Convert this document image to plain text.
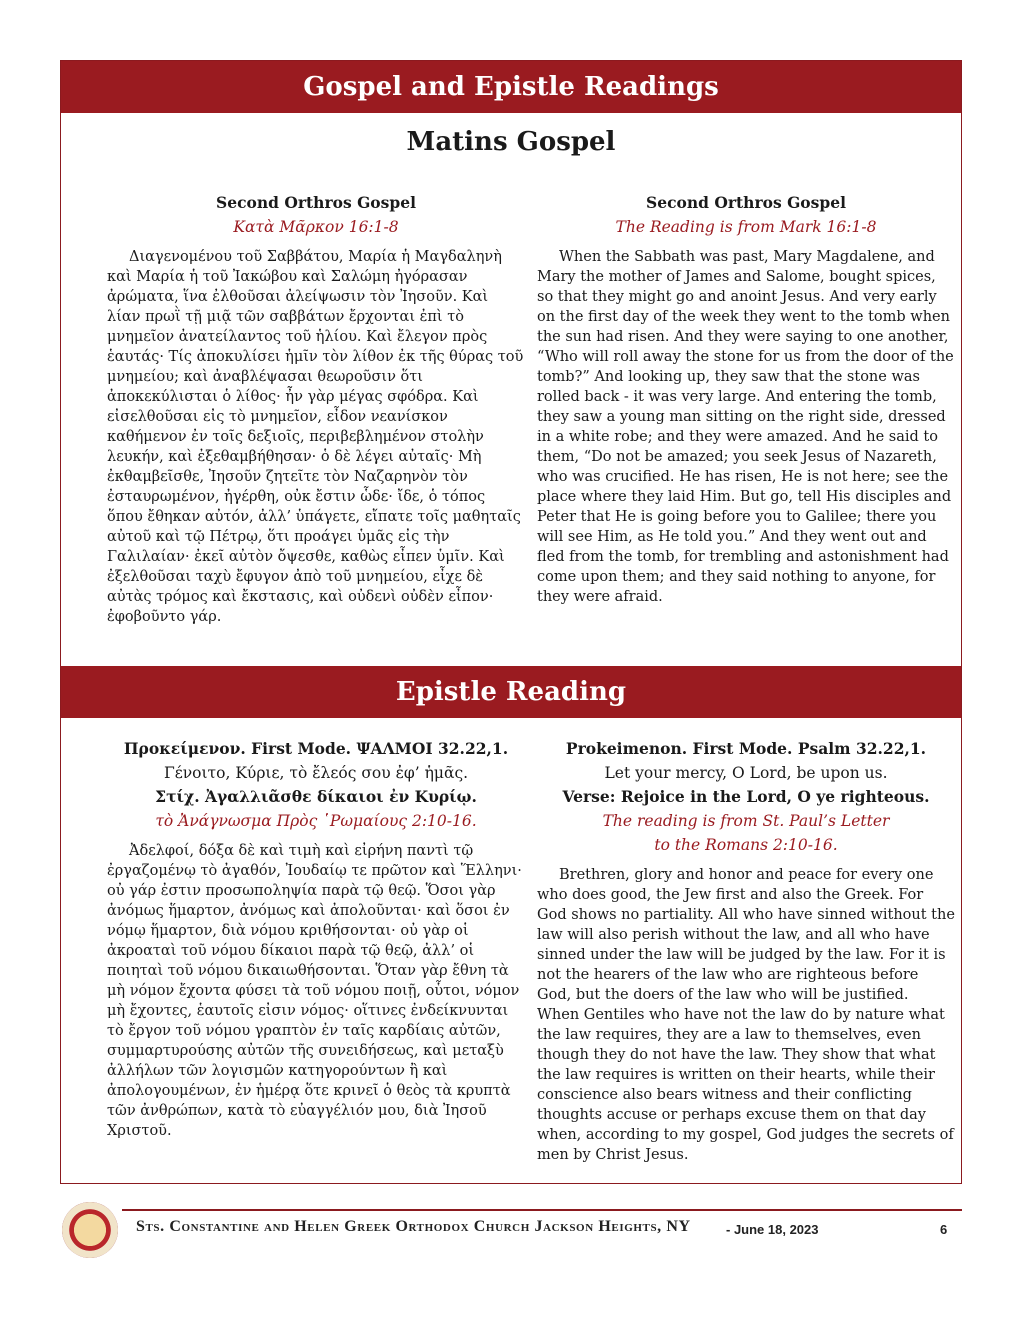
Gospel and Epistle Readings
Matins Gospel
Second Orthros Gospel
Κατὰ Μᾶρκον 16:1-8
Διαγενομένου τοῦ Σαββάτου, Μαρία ἡ Μαγδαληνὴ καὶ Μαρία ἡ τοῦ Ἰακώβου καὶ Σαλώμη ἠγόρασαν ἀρώματα, ἵνα ἐλθοῦσαι ἀλείψωσιν τὸν Ἰησοῦν. Καὶ λίαν πρωῒ τῇ μιᾷ τῶν σαββάτων ἔρχονται ἐπὶ τὸ μνημεῖον ἀνατείλαντος τοῦ ἡλίου. Καὶ ἔλεγον πρὸς ἑαυτάς· Τίς ἀποκυλίσει ἡμῖν τὸν λίθον ἐκ τῆς θύρας τοῦ μνημείου; καὶ ἀναβλέψασαι θεωροῦσιν ὅτι ἀποκεκύλισται ὁ λίθος· ἦν γὰρ μέγας σφόδρα. Καὶ εἰσελθοῦσαι εἰς τὸ μνημεῖον, εἶδον νεανίσκον καθήμενον ἐν τοῖς δεξιοῖς, περιβεβλημένον στολὴν λευκήν, καὶ ἐξεθαμβήθησαν· ὁ δὲ λέγει αὐταῖς· Μὴ ἐκθαμβεῖσθε, Ἰησοῦν ζητεῖτε τὸν Ναζαρηνὸν τὸν ἐσταυρωμένον, ἠγέρθη, οὐκ ἔστιν ὧδε· ἴδε, ὁ τόπος ὅπου ἔθηκαν αὐτόν, ἀλλ’ ὑπάγετε, εἴπατε τοῖς μαθηταῖς αὐτοῦ καὶ τῷ Πέτρῳ, ὅτι προάγει ὑμᾶς εἰς τὴν Γαλιλαίαν· ἐκεῖ αὐτὸν ὄψεσθε, καθὼς εἶπεν ὑμῖν. Καὶ ἐξελθοῦσαι ταχὺ ἔφυγον ἀπὸ τοῦ μνημείου, εἶχε δὲ αὐτὰς τρόμος καὶ ἔκστασις, καὶ οὐδενὶ οὐδὲν εἶπον· ἐφοβοῦντο γάρ.
Second Orthros Gospel
The Reading is from Mark 16:1-8
When the Sabbath was past, Mary Magdalene, and Mary the mother of James and Salome, bought spices, so that they might go and anoint Jesus. And very early on the first day of the week they went to the tomb when the sun had risen. And they were saying to one another, “Who will roll away the stone for us from the door of the tomb?” And looking up, they saw that the stone was rolled back - it was very large. And entering the tomb, they saw a young man sitting on the right side, dressed in a white robe; and they were amazed. And he said to them, “Do not be amazed; you seek Jesus of Nazareth, who was crucified. He has risen, He is not here; see the place where they laid Him. But go, tell His disciples and Peter that He is going before you to Galilee; there you will see Him, as He told you.” And they went out and fled from the tomb, for trembling and astonishment had come upon them; and they said nothing to anyone, for they were afraid.
Epistle Reading
Προκείμενον. First Mode. ΨΑΛΜΟΙ 32.22,1.
Γένοιτο, Κύριε, τὸ ἔλεός σου ἐφ’ ἡμᾶς.
Στίχ. Ἀγαλλιᾶσθε δίκαιοι ἐν Κυρίῳ.
τὸ Ἀνάγνωσμα Πρὸς ῾Ρωμαίους 2:10-16.
Ἀδελφοί, δόξα δὲ καὶ τιμὴ καὶ εἰρήνη παντὶ τῷ ἐργαζομένῳ τὸ ἀγαθόν, Ἰουδαίῳ τε πρῶτον καὶ Ἕλληνι· οὐ γάρ ἐστιν προσωποληψία παρὰ τῷ θεῷ. Ὅσοι γὰρ ἀνόμως ἥμαρτον, ἀνόμως καὶ ἀπολοῦνται· καὶ ὅσοι ἐν νόμῳ ἥμαρτον, διὰ νόμου κριθήσονται· οὐ γὰρ οἱ ἀκροαταὶ τοῦ νόμου δίκαιοι παρὰ τῷ θεῷ, ἀλλ’ οἱ ποιηταὶ τοῦ νόμου δικαιωθήσονται. Ὅταν γὰρ ἔθνη τὰ μὴ νόμον ἔχοντα φύσει τὰ τοῦ νόμου ποιῇ, οὗτοι, νόμον μὴ ἔχοντες, ἑαυτοῖς εἰσιν νόμος· οἵτινες ἐνδείκνυνται τὸ ἔργον τοῦ νόμου γραπτὸν ἐν ταῖς καρδίαις αὐτῶν, συμμαρτυρούσης αὐτῶν τῆς συνειδήσεως, καὶ μεταξὺ ἀλλήλων τῶν λογισμῶν κατηγορούντων ἢ καὶ ἀπολογουμένων, ἐν ἡμέρᾳ ὅτε κρινεῖ ὁ θεὸς τὰ κρυπτὰ τῶν ἀνθρώπων, κατὰ τὸ εὐαγγέλιόν μου, διὰ Ἰησοῦ Χριστοῦ.
Prokeimenon. First Mode. Psalm 32.22,1.
Let your mercy, O Lord, be upon us.
Verse: Rejoice in the Lord, O ye righteous.
The reading is from St. Paul’s Letter
to the Romans 2:10-16.
Brethren, glory and honor and peace for every one who does good, the Jew first and also the Greek. For God shows no partiality. All who have sinned without the law will also perish without the law, and all who have sinned under the law will be judged by the law. For it is not the hearers of the law who are righteous before God, but the doers of the law who will be justified. When Gentiles who have not the law do by nature what the law requires, they are a law to themselves, even though they do not have the law. They show that what the law requires is written on their hearts, while their conscience also bears witness and their conflicting thoughts accuse or perhaps excuse them on that day when, according to my gospel, God judges the secrets of men by Christ Jesus.
Sts. Constantine and Helen Greek Orthodox Church Jackson Heights, NY	- June 18, 2023	6
